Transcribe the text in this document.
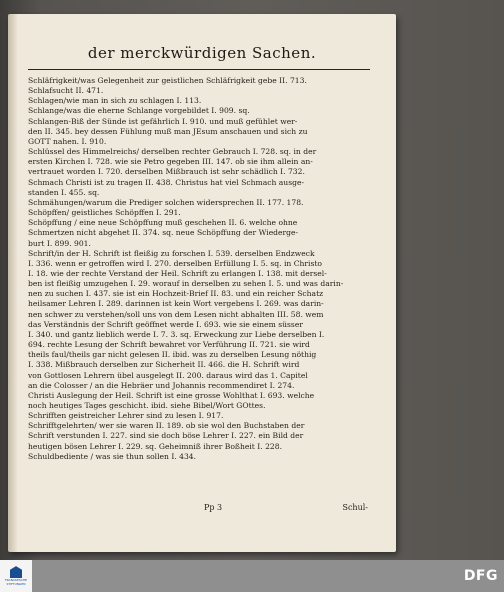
der merckwürdigen Sachen.
Schläfrigkeit/was Gelegenheit zur geistlichen Schläfrigkeit gebe II. 713.
Schlafsucht II. 471.
Schlagen/wie man in sich zu schlagen I. 113.
Schlange/was die eherne Schlange vorgebildet I. 909. sq.
Schlangen-Biß der Sünde ist gefährlich I. 910. und muß gefühlet wer-
den II. 345. bey dessen Fühlung muß man JEsum anschauen und sich zu
GOTT nahen. I. 910.
Schlüssel des Himmelreichs/ derselben rechter Gebrauch I. 728. sq. in der
ersten Kirchen I. 728. wie sie Petro gegeben III. 147. ob sie ihm allein an-
vertrauet worden I. 720. derselben Mißbrauch ist sehr schädlich I. 732.
Schmach Christi ist zu tragen II. 438. Christus hat viel Schmach ausge-
standen I. 455. sq.
Schmähungen/warum die Prediger solchen widersprechen II. 177. 178.
Schöpffen/ geistliches Schöpffen I. 291.
Schöpffung / eine neue Schöpffung muß geschehen II. 6. welche ohne
Schmertzen nicht abgehet II. 374. sq. neue Schöpffung der Wiederge-
burt I. 899. 901.
Schrift/in der H. Schrift ist fleißig zu forschen I. 539. derselben Endzweck
I. 336. wenn er getroffen wird I. 270. derselben Erfüllung I. 5. sq. in Christo
I. 18. wie der rechte Verstand der Heil. Schrift zu erlangen I. 138. mit dersel-
ben ist fleißig umzugehen I. 29. worauf in derselben zu sehen I. 5. und was darin-
nen zu suchen I. 437. sie ist ein Hochzeit-Brief II. 83. und ein reicher Schatz
heilsamer Lehren I. 289. darinnen ist kein Wort vergebens I. 269. was darin-
nen schwer zu verstehen/soll uns von dem Lesen nicht abhalten III. 58. wem
das Verständnis der Schrift geöffnet werde I. 693. wie sie einem süsser
I. 340. und gantz lieblich werde I. 7. 3. sq. Erweckung zur Liebe derselben I.
694. rechte Lesung der Schrift bewahret vor Verführung II. 721. sie wird
theils faul/theils gar nicht gelesen II. ibid. was zu derselben Lesung nöthig
I. 338. Mißbrauch derselben zur Sicherheit II. 466. die H. Schrift wird
von Gottlosen Lehrern übel ausgelegt II. 200. daraus wird das 1. Capitel
an die Colosser / an die Hebräer und Johannis recommendiret I. 274.
Christi Auslegung der Heil. Schrift ist eine grosse Wohlthat I. 693. welche
noch heutiges Tages geschicht. ibid. siehe Bibel/Wort GOttes.
Schrifften geistreicher Lehrer sind zu lesen I. 917.
Schrifftgelehrten/ wer sie waren II. 189. ob sie wol den Buchstaben der
Schrift verstunden I. 227. sind sie doch böse Lehrer I. 227. ein Bild der
heutigen bösen Lehrer I. 229. sq. Geheimniß ihrer Boßheit I. 228.
Schuldbediente / was sie thun sollen I. 434.
Pp 3	Schul-
FRANCKESCHE STIFTUNGEN	DFG
